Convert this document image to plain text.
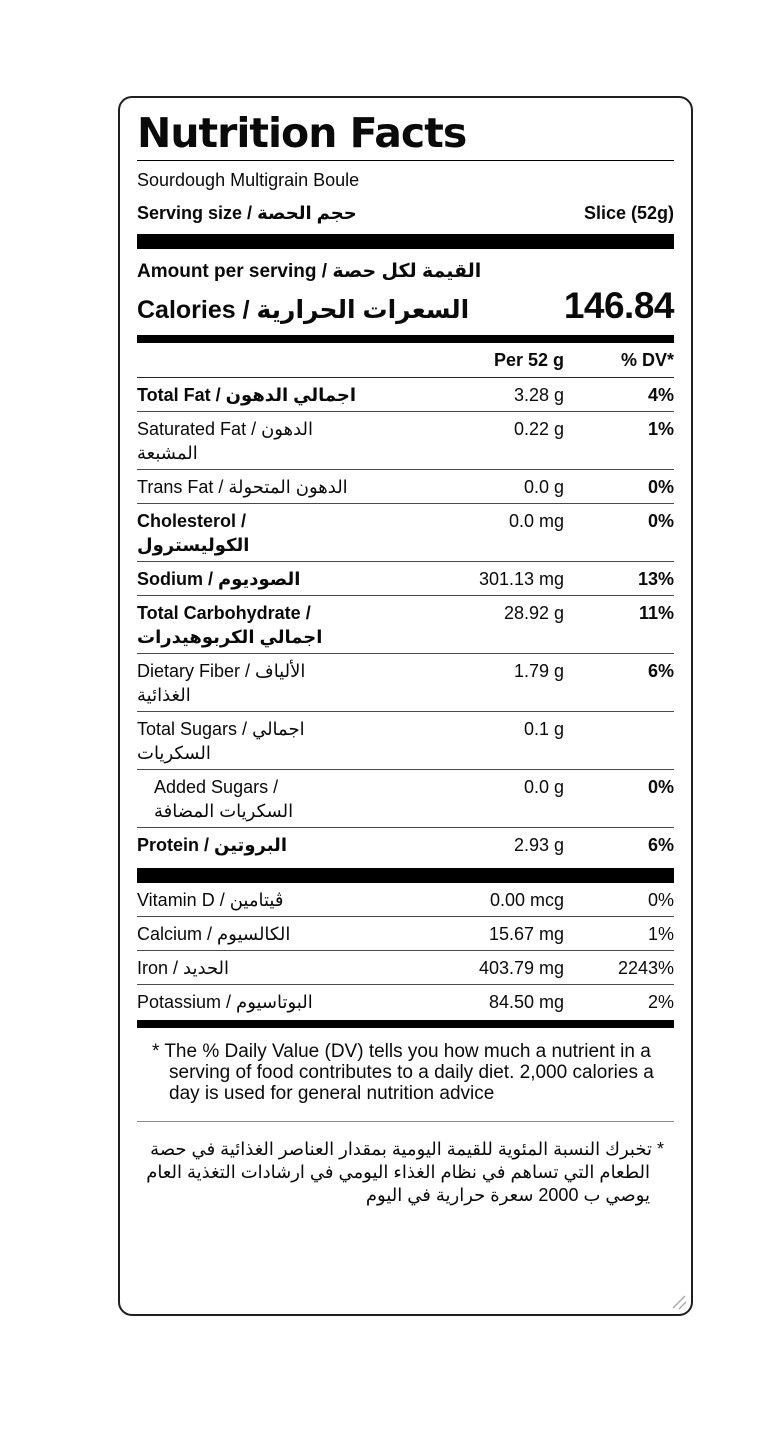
Nutrition Facts
Sourdough Multigrain Boule
Serving size / حجم الحصة	Slice (52g)
Amount per serving / القيمة لكل حصة
Calories / السعرات الحرارية	146.84
Per 52 g	% DV*
Total Fat / اجمالي الدهون	3.28 g	4%
Saturated Fat / الدهون
المشبعة
0.22 g	1%
Trans Fat / الدهون المتحولة	0.0 g	0%
Cholesterol /
الكوليسترول
0.0 mg	0%
Sodium / الصوديوم	301.13 mg	13%
Total Carbohydrate /
اجمالي الكربوهيدرات
28.92 g	11%
Dietary Fiber / الألياف
الغذائية
1.79 g	6%
Total Sugars / اجمالي
السكريات
0.1 g
Added Sugars /
السكريات المضافة
0.0 g	0%
Protein / البروتين	2.93 g	6%
Vitamin D / ڤيتامين	0.00 mcg	0%
Calcium / الكالسيوم	15.67 mg	1%
Iron / الحديد	403.79 mg	2243%
Potassium / البوتاسيوم	84.50 mg	2%
* The % Daily Value (DV) tells you how much a nutrient in a serving of food contributes to a daily diet. 2,000 calories a day is used for general nutrition advice
* تخبرك النسبة المئوية للقيمة اليومية بمقدار العناصر الغذائية في حصة الطعام التي تساهم في نظام الغذاء اليومي في ارشادات التغذية العام يوصي ب 2000 سعرة حرارية في اليوم
